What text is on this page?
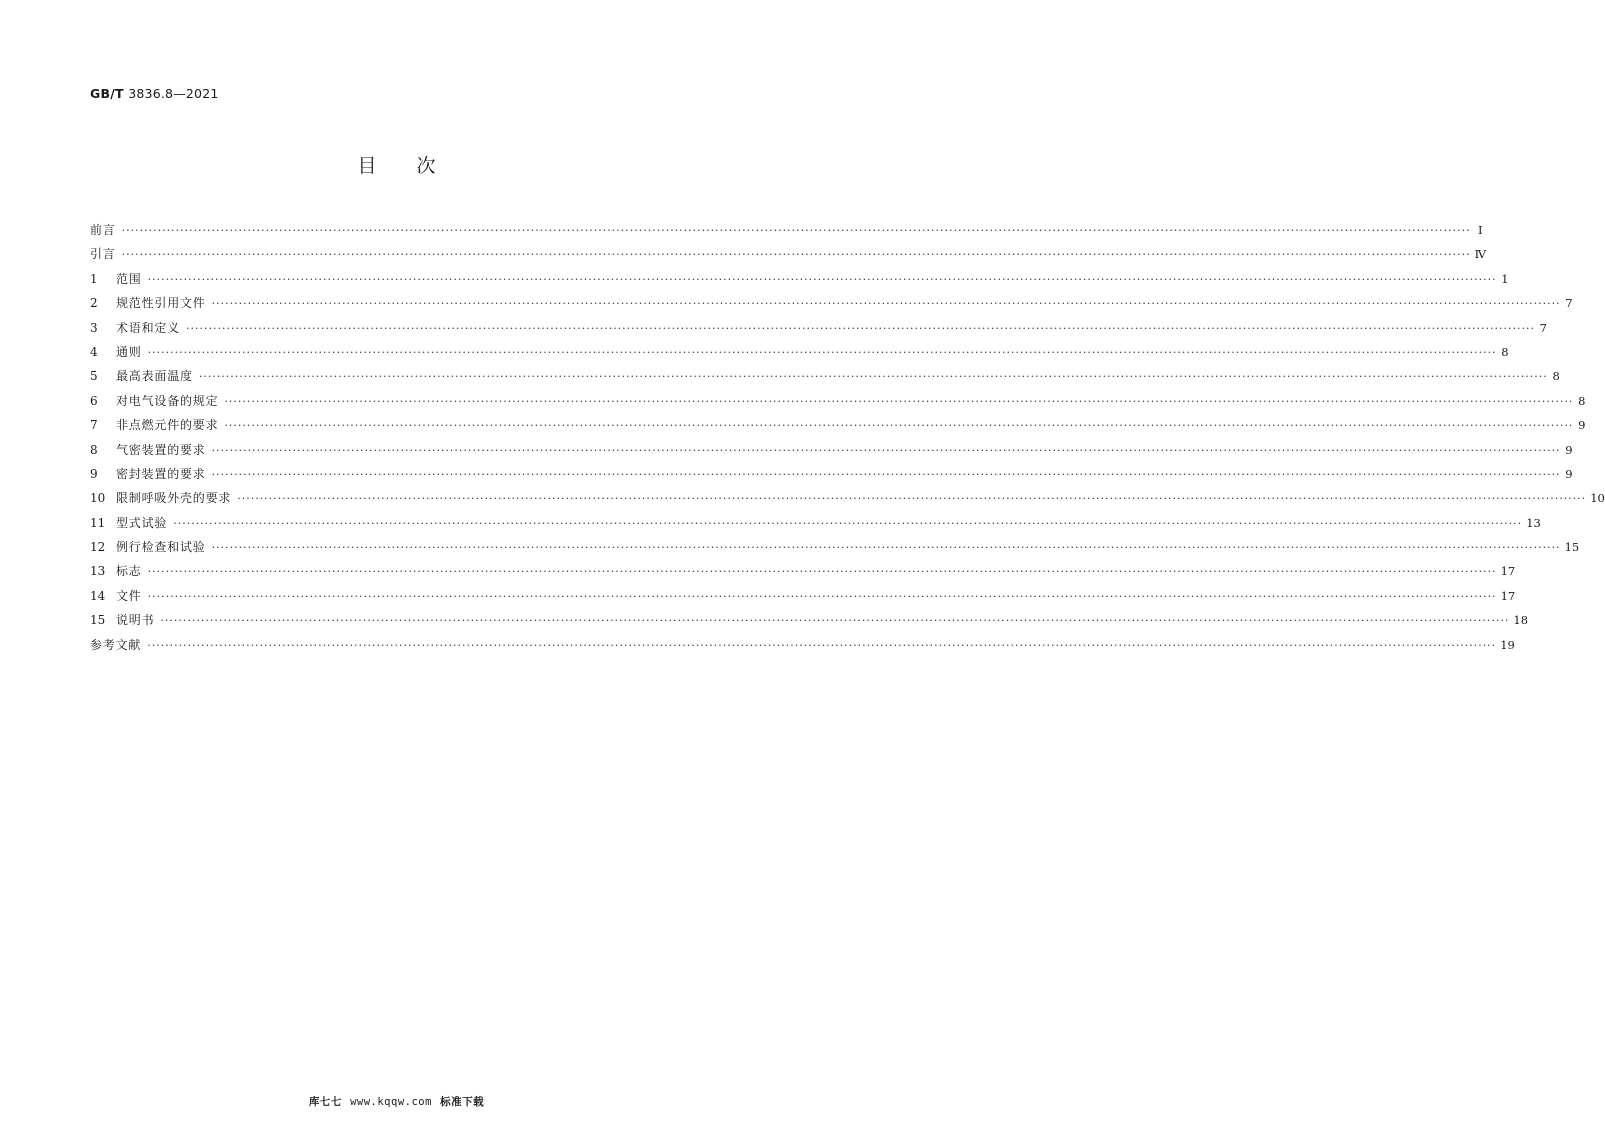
GB/T 3836.8—2021
目次
前言 ············································································································································································································································································································ Ⅰ
引言 ············································································································································································································································································································ Ⅳ
1	范围 ············································································································································································································································································································ 1
2	规范性引用文件 ············································································································································································································································································································ 7
3	术语和定义 ············································································································································································································································································································ 7
4	通则 ············································································································································································································································································································ 8
5	最高表面温度 ············································································································································································································································································································ 8
6	对电气设备的规定 ············································································································································································································································································································ 8
7	非点燃元件的要求 ············································································································································································································································································································ 9
8	气密装置的要求 ············································································································································································································································································································ 9
9	密封装置的要求 ············································································································································································································································································································ 9
10 限制呼吸外壳的要求 ············································································································································································································································································································ 10
11 型式试验 ············································································································································································································································································································ 13
12 例行检查和试验 ············································································································································································································································································································ 15
13 标志 ············································································································································································································································································································ 17
14 文件 ············································································································································································································································································································ 17
15 说明书 ············································································································································································································································································································ 18
参考文献 ············································································································································································································································································································ 19
库七七 www.kqqw.com 标准下载
